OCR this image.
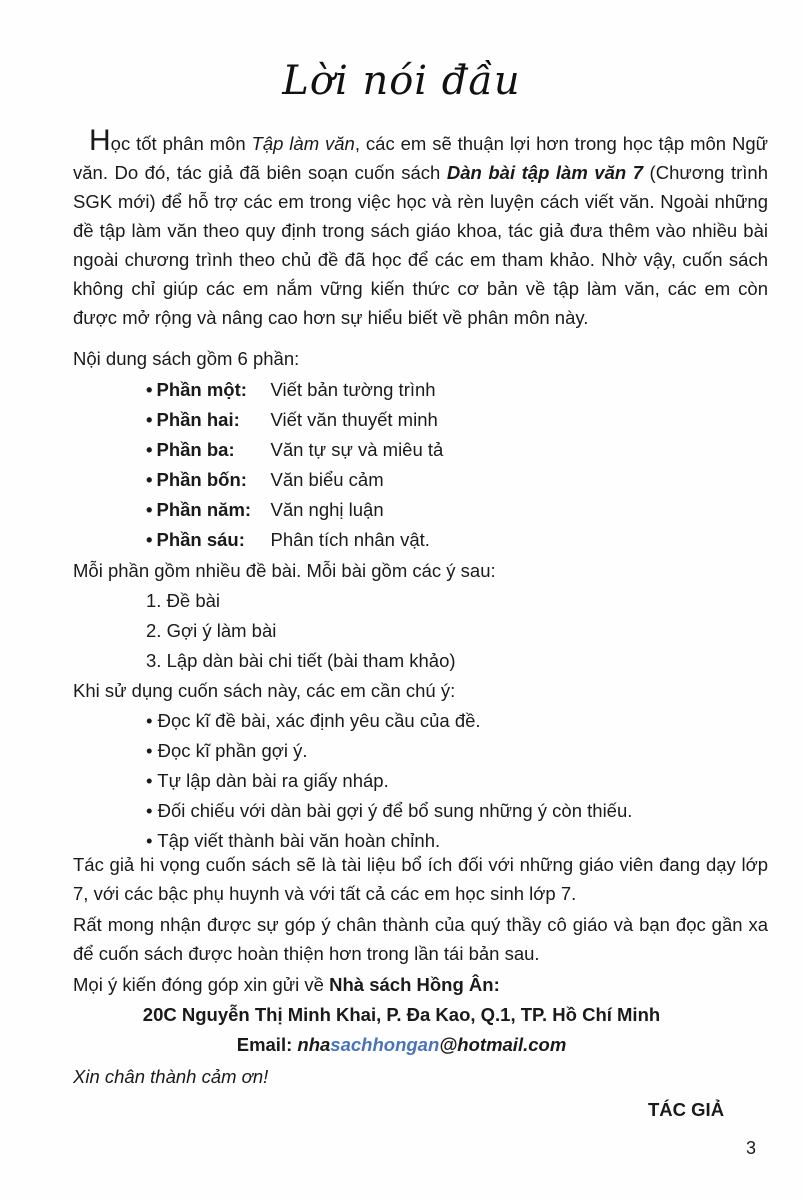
Lời nói đầu

Học tốt phân môn Tập làm văn, các em sẽ thuận lợi hơn trong học tập môn Ngữ văn. Do đó, tác giả đã biên soạn cuốn sách Dàn bài tập làm văn 7 (Chương trình SGK mới) để hỗ trợ các em trong việc học và rèn luyện cách viết văn. Ngoài những đề tập làm văn theo quy định trong sách giáo khoa, tác giả đưa thêm vào nhiều bài ngoài chương trình theo chủ đề đã học để các em tham khảo. Nhờ vậy, cuốn sách không chỉ giúp các em nắm vững kiến thức cơ bản về tập làm văn, các em còn được mở rộng và nâng cao hơn sự hiểu biết về phân môn này.

Nội dung sách gồm 6 phần:
• Phần một: Viết bản tường trình
• Phần hai: Viết văn thuyết minh
• Phần ba: Văn tự sự và miêu tả
• Phần bốn: Văn biểu cảm
• Phần năm: Văn nghị luận
• Phần sáu: Phân tích nhân vật.
Mỗi phần gồm nhiều đề bài. Mỗi bài gồm các ý sau:
1. Đề bài
2. Gợi ý làm bài
3. Lập dàn bài chi tiết (bài tham khảo)
Khi sử dụng cuốn sách này, các em cần chú ý:
• Đọc kĩ đề bài, xác định yêu cầu của đề.
• Đọc kĩ phần gợi ý.
• Tự lập dàn bài ra giấy nháp.
• Đối chiếu với dàn bài gợi ý để bổ sung những ý còn thiếu.
• Tập viết thành bài văn hoàn chỉnh.

Tác giả hi vọng cuốn sách sẽ là tài liệu bổ ích đối với những giáo viên đang dạy lớp 7, với các bậc phụ huynh và với tất cả các em học sinh lớp 7.

Rất mong nhận được sự góp ý chân thành của quý thầy cô giáo và bạn đọc gần xa để cuốn sách được hoàn thiện hơn trong lần tái bản sau.

Mọi ý kiến đóng góp xin gửi về Nhà sách Hồng Ân:
20C Nguyễn Thị Minh Khai, P. Đa Kao, Q.1, TP. Hồ Chí Minh
Email: nhasachhongan@hotmail.com
Xin chân thành cảm ơn!
TÁC GIẢ
3
